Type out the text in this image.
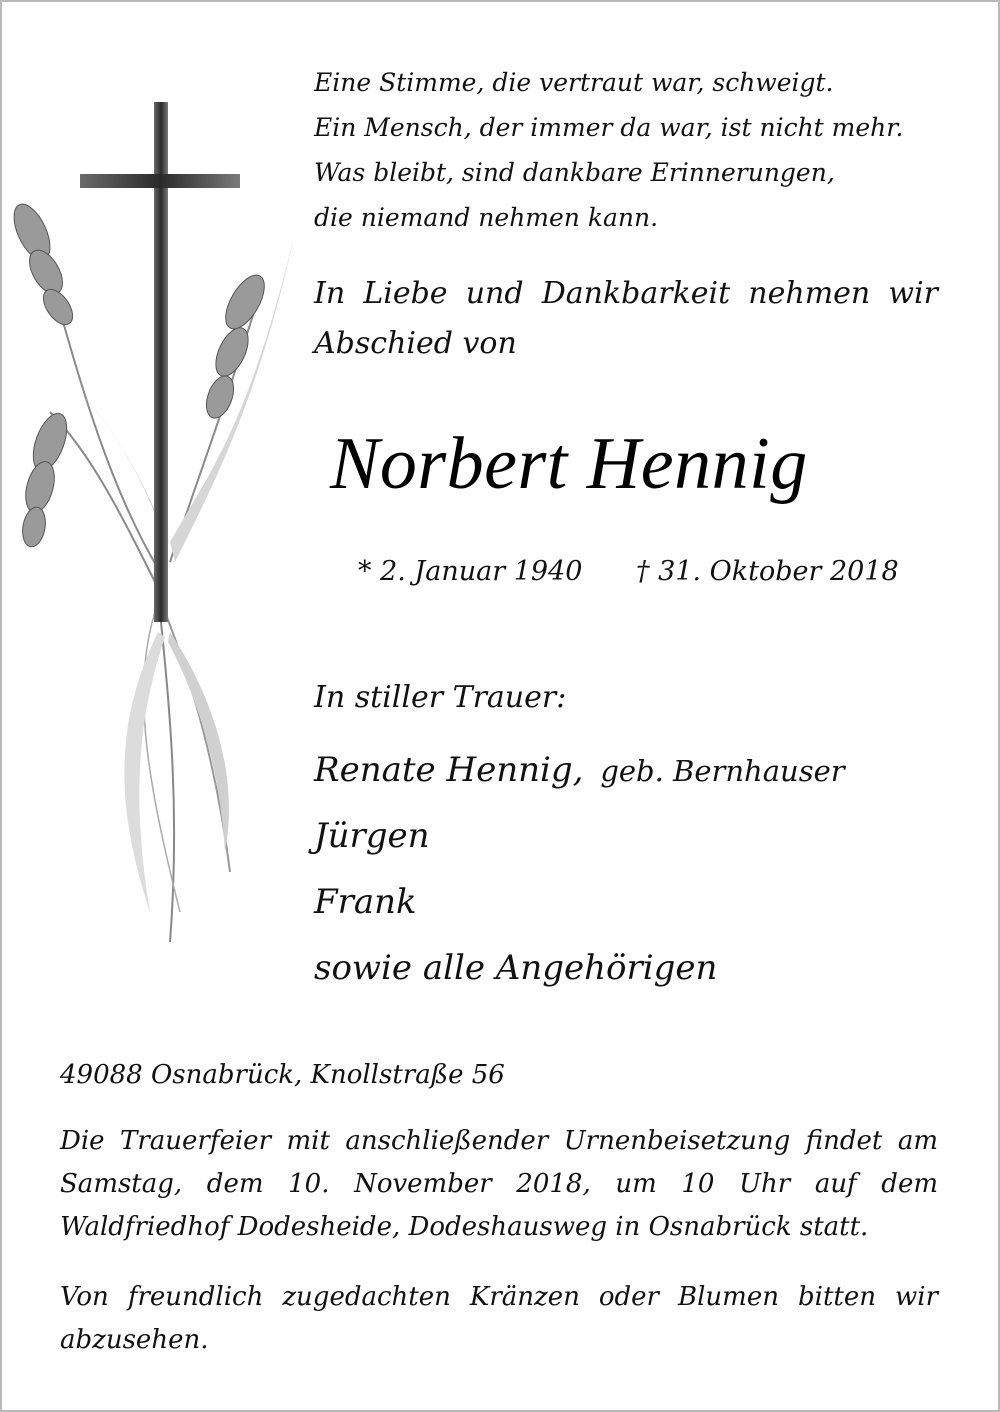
Eine Stimme, die vertraut war, schweigt.
Ein Mensch, der immer da war, ist nicht mehr.
Was bleibt, sind dankbare Erinnerungen,
die niemand nehmen kann.
In Liebe und Dankbarkeit nehmen wir
Abschied von
Norbert Hennig
* 2. Januar 1940 † 31. Oktober 2018
In stiller Trauer:
Renate Hennig, geb. Bernhauser
Jürgen
Frank
sowie alle Angehörigen
49088 Osnabrück, Knollstraße 56
Die Trauerfeier mit anschließender Urnenbeisetzung findet am
Samstag, dem 10. November 2018, um 10 Uhr auf dem
Waldfriedhof Dodesheide, Dodeshausweg in Osnabrück statt.
Von freundlich zugedachten Kränzen oder Blumen bitten wir
abzusehen.
